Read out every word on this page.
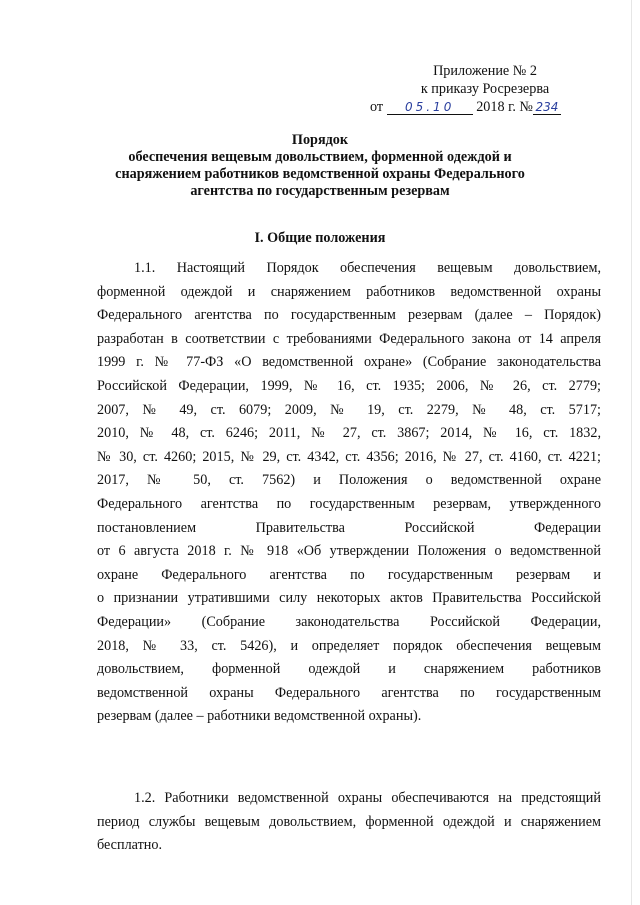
Приложение № 2
к приказу Росрезерва
от 05.10 2018 г. № 234
Порядок
обеспечения вещевым довольствием, форменной одеждой и
снаряжением работников ведомственной охраны Федерального
агентства по государственным резервам
I. Общие положения
1.1. Настоящий Порядок обеспечения вещевым довольствием,
форменной одеждой и снаряжением работников ведомственной охраны
Федерального агентства по государственным резервам (далее – Порядок)
разработан в соответствии с требованиями Федерального закона от 14 апреля
1999 г. № 77-ФЗ «О ведомственной охране» (Собрание законодательства
Российской Федерации, 1999, № 16, ст. 1935; 2006, № 26, ст. 2779;
2007, № 49, ст. 6079; 2009, № 19, ст. 2279, № 48, ст. 5717;
2010, № 48, ст. 6246; 2011, № 27, ст. 3867; 2014, № 16, ст. 1832,
№ 30, ст. 4260; 2015, № 29, ст. 4342, ст. 4356; 2016, № 27, ст. 4160, ст. 4221;
2017, № 50, ст. 7562) и Положения о ведомственной охране
Федерального агентства по государственным резервам, утвержденного
постановлением Правительства Российской Федерации
от 6 августа 2018 г. № 918 «Об утверждении Положения о ведомственной
охране Федерального агентства по государственным резервам и
о признании утратившими силу некоторых актов Правительства Российской
Федерации» (Собрание законодательства Российской Федерации,
2018, № 33, ст. 5426), и определяет порядок обеспечения вещевым
довольствием, форменной одеждой и снаряжением работников
ведомственной охраны Федерального агентства по государственным
резервам (далее – работники ведомственной охраны).
1.2. Работники ведомственной охраны обеспечиваются на предстоящий
период службы вещевым довольствием, форменной одеждой и снаряжением
бесплатно.
